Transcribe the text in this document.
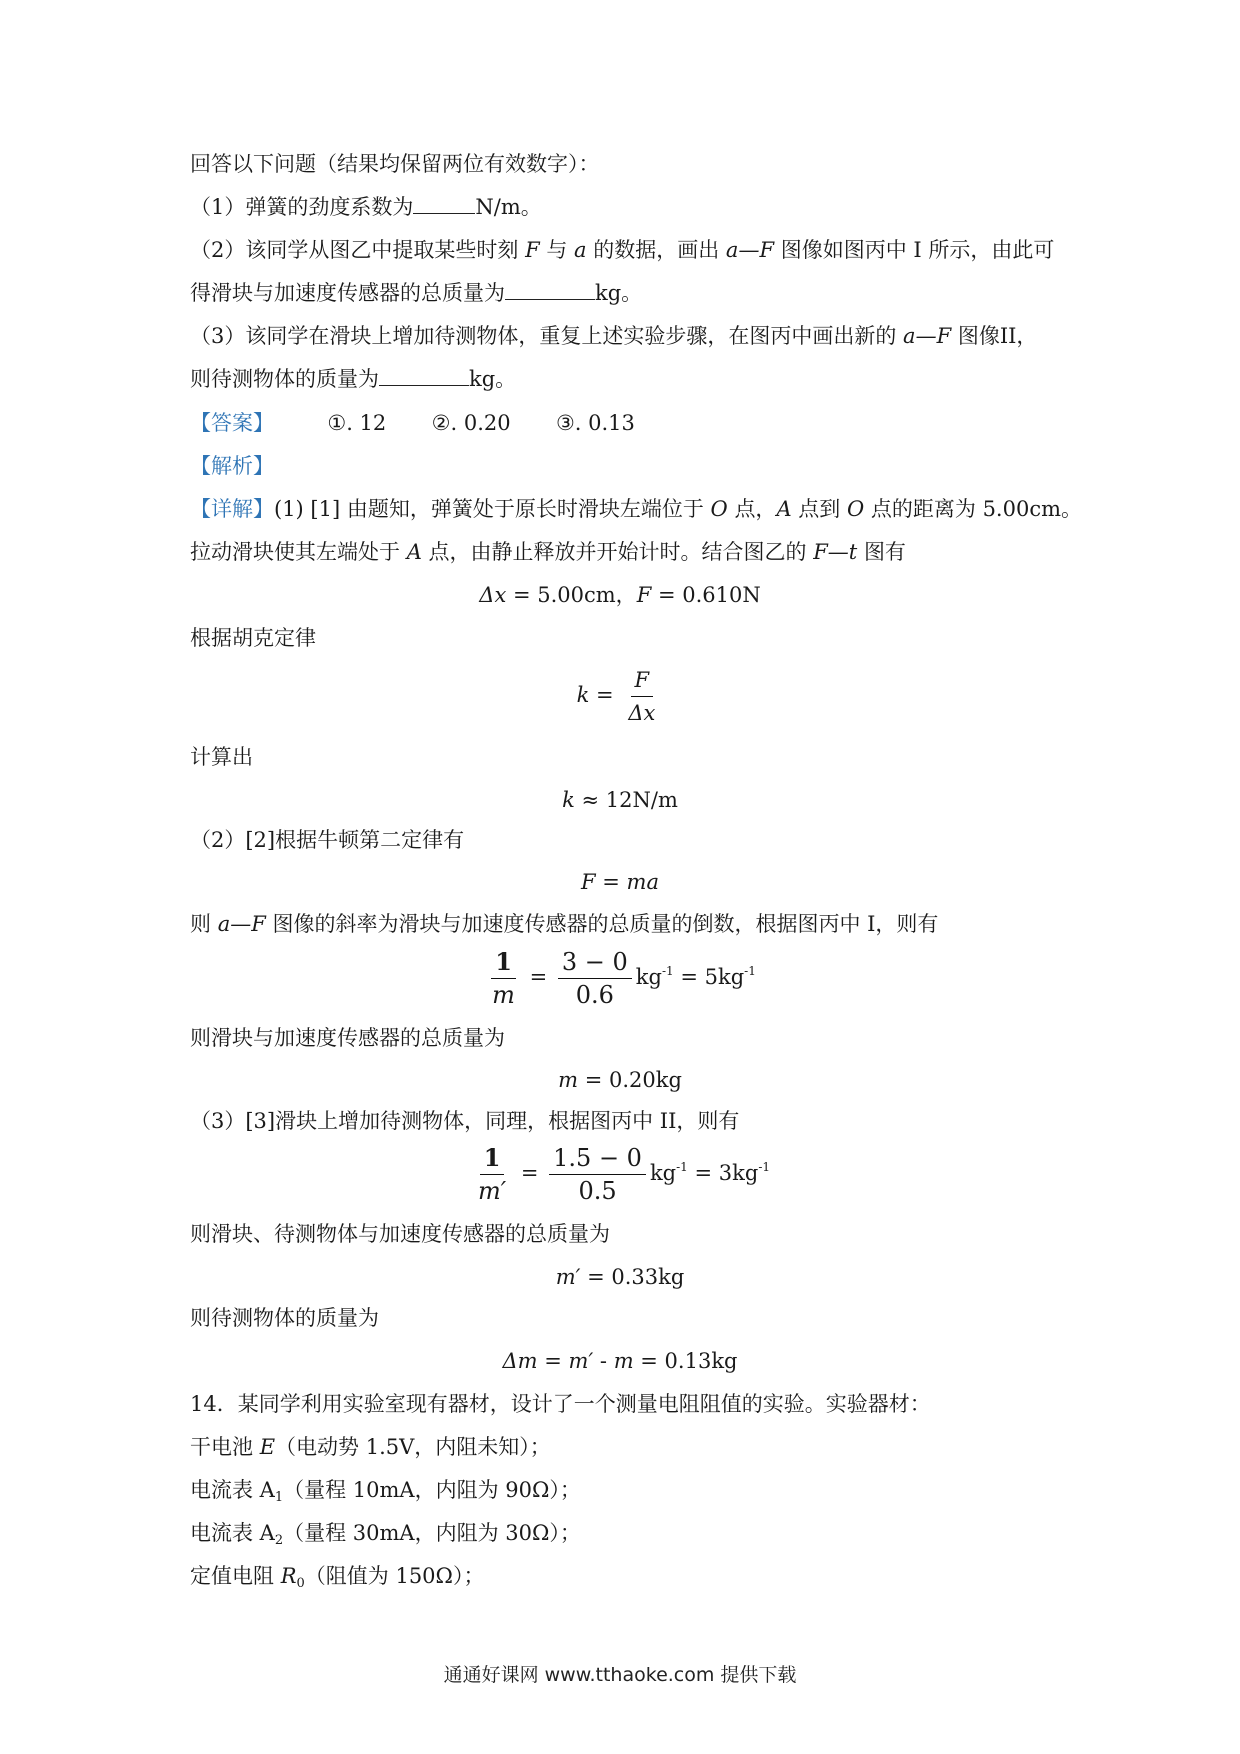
回答以下问题（结果均保留两位有效数字）：
（1）弹簧的劲度系数为	N/m。
（2）该同学从图乙中提取某些时刻 F 与 a 的数据，画出 a—F 图像如图丙中 I 所示，由此可
得滑块与加速度传感器的总质量为	kg。
（3）该同学在滑块上增加待测物体，重复上述实验步骤，在图丙中画出新的 a—F 图像II，
则待测物体的质量为	kg。
【答案】	①. 12 ②. 0.20 ③. 0.13
【解析】
【详解】(1) [1] 由题知，弹簧处于原长时滑块左端位于 O 点，A 点到 O 点的距离为 5.00cm。
拉动滑块使其左端处于 A 点，由静止释放并开始计时。结合图乙的 F—t 图有
Δx = 5.00cm，F = 0.610N
根据胡克定律
$k = \frac{F}{\Delta x}$
计算出
k ≈ 12N/m
（2）[2]根据牛顿第二定律有
F = ma
则 a—F 图像的斜率为滑块与加速度传感器的总质量的倒数，根据图丙中 I，则有
$\frac{1}{m} = \frac{3 - 0}{0.6} kg^{-1} = 5kg^{-1}$
则滑块与加速度传感器的总质量为
m = 0.20kg
（3）[3]滑块上增加待测物体，同理，根据图丙中 II，则有
$\frac{1}{m'} = \frac{1.5 - 0}{0.5} kg^{-1} = 3kg^{-1}$
则滑块、待测物体与加速度传感器的总质量为
m′ = 0.33kg
则待测物体的质量为
Δm = m′ - m = 0.13kg
14．某同学利用实验室现有器材，设计了一个测量电阻阻值的实验。实验器材：
干电池 E（电动势 1.5V，内阻未知）；
电流表 $A_1$（量程 10mA，内阻为 90Ω）；
电流表 $A_2$（量程 30mA，内阻为 30Ω）；
定值电阻 $R_0$（阻值为 150Ω）；
通通好课网 www.tthaoke.com 提供下载
